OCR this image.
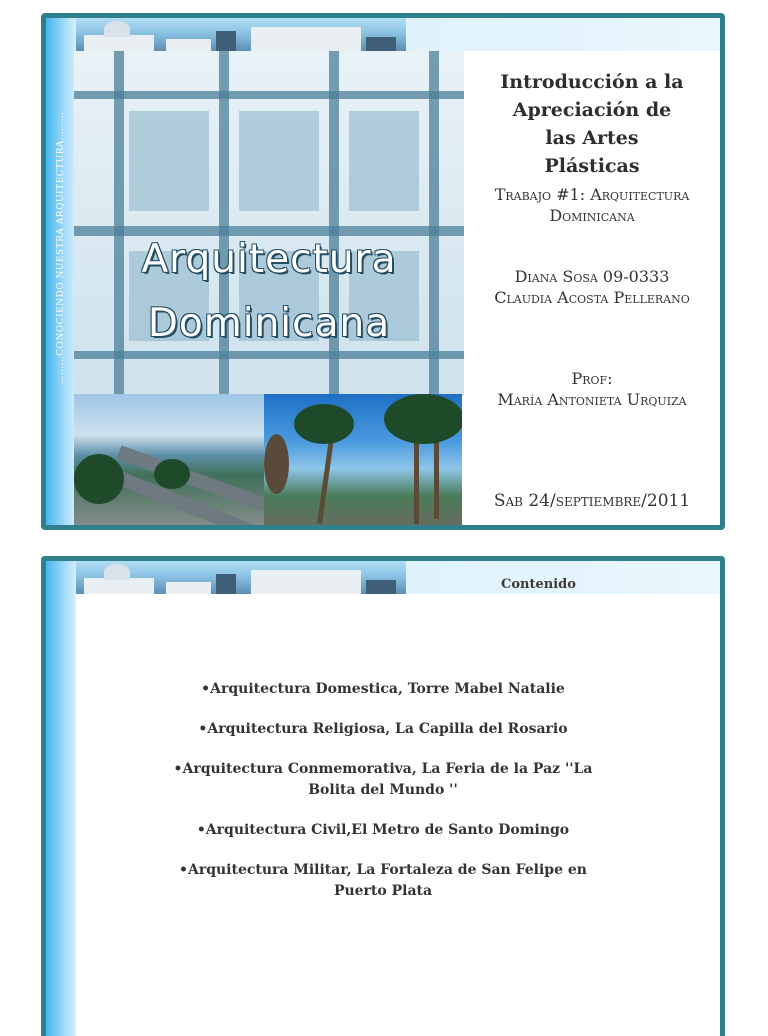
………CONOCIENDO NUESTRA ARQUITECTURA………	Arquitectura
Dominicana
Introducción a la
Apreciación de
las Artes
Plásticas
Trabajo #1: Arquitectura
Dominicana
Diana Sosa 09-0333
Claudia Acosta Pellerano
Prof:
María Antonieta Urquiza
Sab 24/septiembre/2011
Contenido
•Arquitectura Domestica, Torre Mabel Natalie
•Arquitectura Religiosa, La Capilla del Rosario
•Arquitectura Conmemorativa, La Feria de la Paz ''La
Bolita del Mundo ''
•Arquitectura Civil,El Metro de Santo Domingo
•Arquitectura Militar, La Fortaleza de San Felipe en
Puerto Plata
